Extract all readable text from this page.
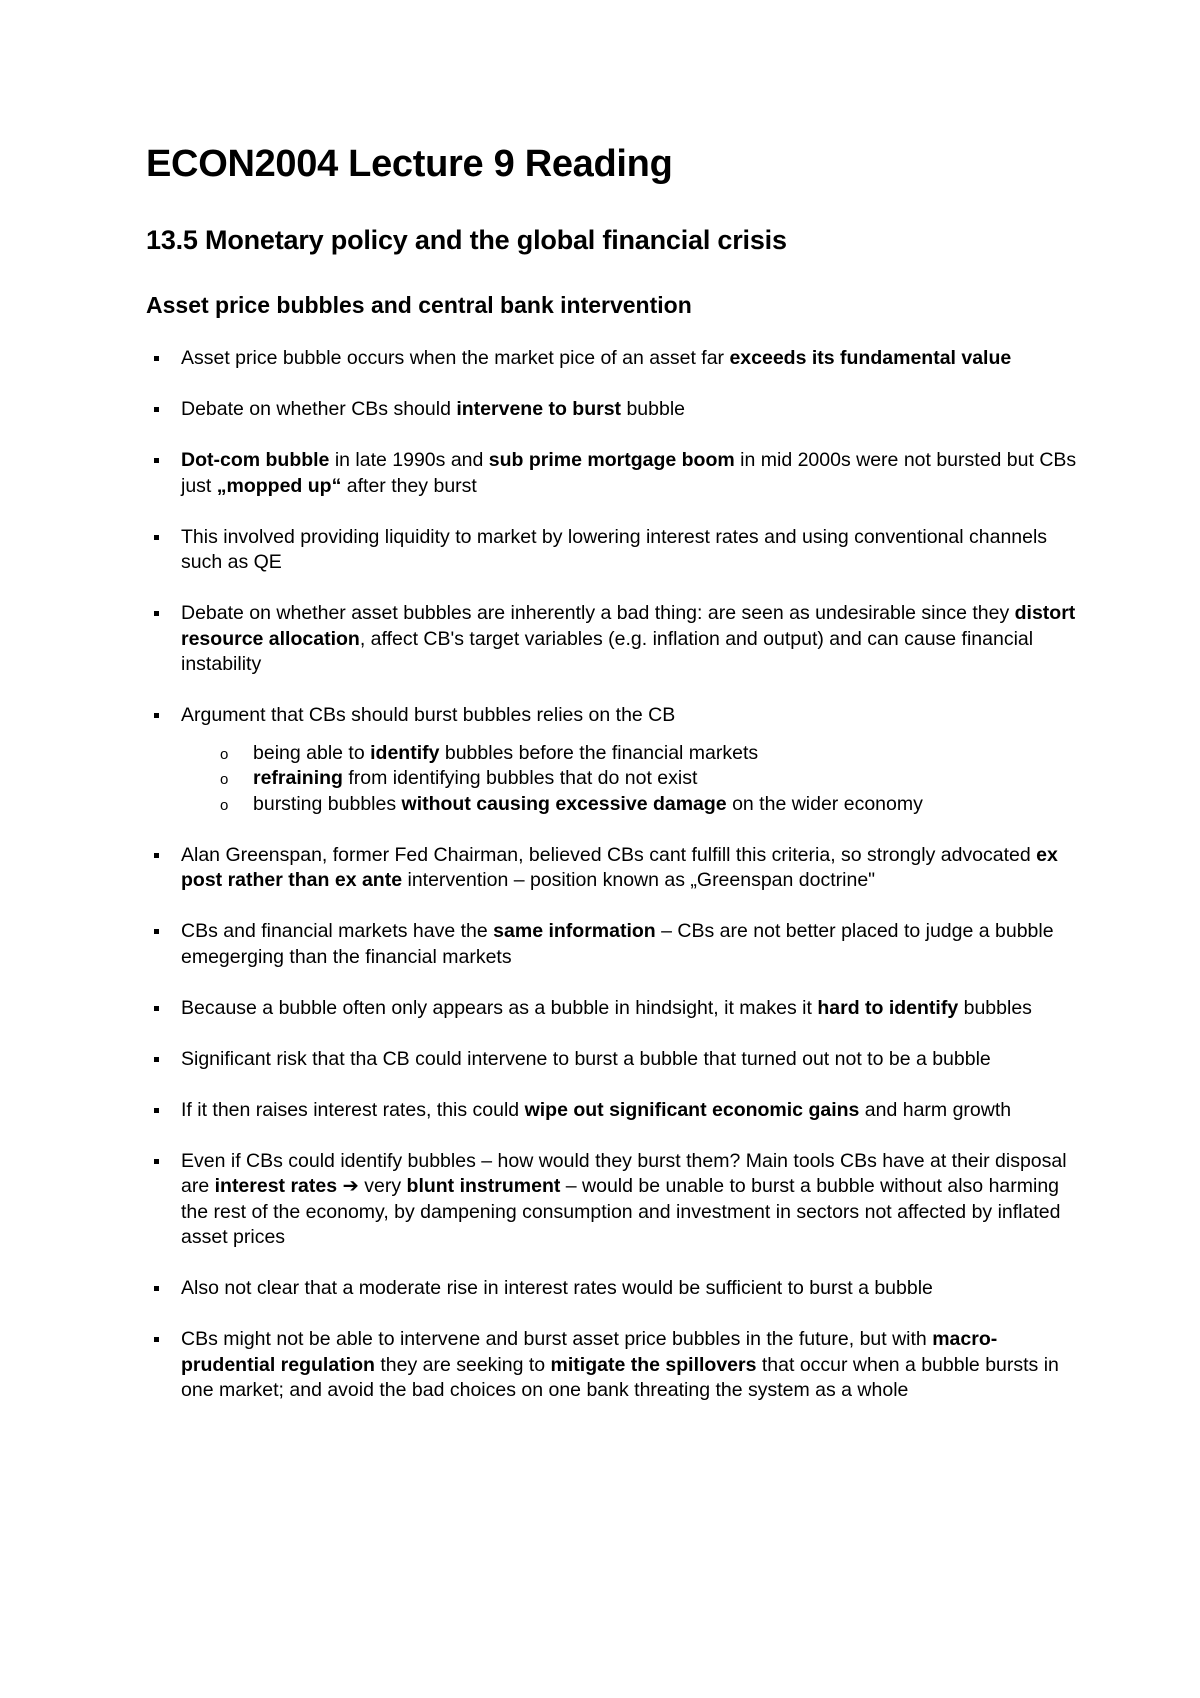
ECON2004 Lecture 9 Reading
13.5 Monetary policy and the global financial crisis
Asset price bubbles and central bank intervention
Asset price bubble occurs when the market pice of an asset far exceeds its fundamental value
Debate on whether CBs should intervene to burst bubble
Dot-com bubble in late 1990s and sub prime mortgage boom in mid 2000s were not bursted but CBs just „mopped up“ after they burst
This involved providing liquidity to market by lowering interest rates and using conventional channels such as QE
Debate on whether asset bubbles are inherently a bad thing: are seen as undesirable since they distort resource allocation, affect CB's target variables (e.g. inflation and output) and can cause financial instability
Argument that CBs should burst bubbles relies on the CB
o being able to identify bubbles before the financial markets
o refraining from identifying bubbles that do not exist
o bursting bubbles without causing excessive damage on the wider economy
Alan Greenspan, former Fed Chairman, believed CBs cant fulfill this criteria, so strongly advocated ex post rather than ex ante intervention – position known as „Greenspan doctrine"
CBs and financial markets have the same information – CBs are not better placed to judge a bubble emegerging than the financial markets
Because a bubble often only appears as a bubble in hindsight, it makes it hard to identify bubbles
Significant risk that tha CB could intervene to burst a bubble that turned out not to be a bubble
If it then raises interest rates, this could wipe out significant economic gains and harm growth
Even if CBs could identify bubbles – how would they burst them? Main tools CBs have at their disposal are interest rates ➔ very blunt instrument – would be unable to burst a bubble without also harming the rest of the economy, by dampening consumption and investment in sectors not affected by inflated asset prices
Also not clear that a moderate rise in interest rates would be sufficient to burst a bubble
CBs might not be able to intervene and burst asset price bubbles in the future, but with macro-prudential regulation they are seeking to mitigate the spillovers that occur when a bubble bursts in one market; and avoid the bad choices on one bank threating the system as a whole
